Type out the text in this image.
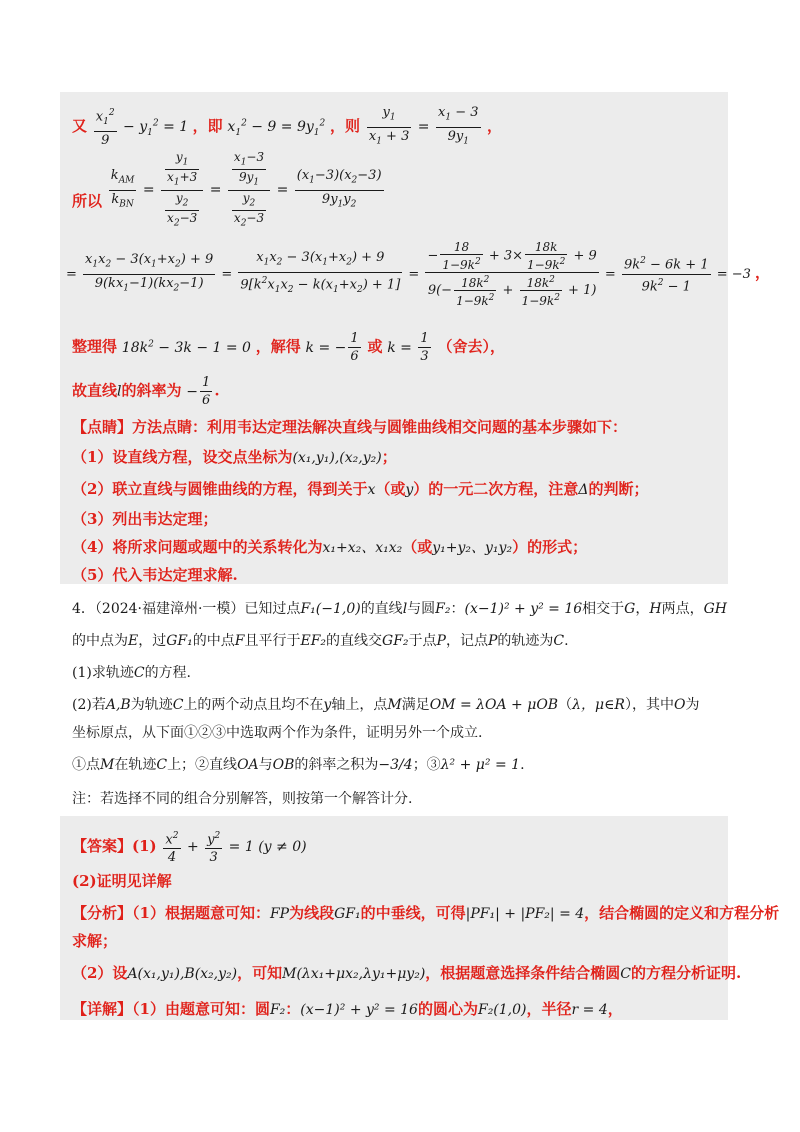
又 $\frac{x_1^2}{9} - y_1^2 = 1$ ，即 $x_1^2 - 9 = 9y_1^2$ ，则 $\frac{y_1}{x_1 + 3} = \frac{x_1 - 3}{9y_1}$ ，
所以 $\frac{k_{AM}}{k_{BN}} = \frac{\frac{y_1}{x_1+3}}{\frac{y_2}{x_2-3}} = \frac{\frac{x_1-3}{9y_1}}{\frac{y_2}{x_2-3}} = \frac{(x_1-3)(x_2-3)}{9y_1y_2}$
= $\frac{x_1x_2 - 3(x_1+x_2) + 9}{9(kx_1-1)(kx_2-1)} = \frac{x_1x_2 - 3(x_1+x_2) + 9}{9[k^2x_1x_2 - k(x_1+x_2) + 1]} = \frac{- \frac{18}{1-9k^2} + 3\times \frac{18k}{1-9k^2} + 9}{9(- \frac{18k^2}{1-9k^2} + \frac{18k^2}{1-9k^2} + 1)} = \frac{9k^2 - 6k + 1}{9k^2 - 1} = -3$ ，
整理得 $18k^2 - 3k - 1 = 0$ ，解得 k = − $\frac{1}{6}$ 或 $k = \frac{1}{3}$ （舍去），
故直线l的斜率为 − $\frac{1}{6}$ .
【点睛】方法点睛：利用韦达定理法解决直线与圆锥曲线相交问题的基本步骤如下：
（1）设直线方程，设交点坐标为(x₁,y₁),(x₂,y₂)；
（2）联立直线与圆锥曲线的方程，得到关于x（或y）的一元二次方程，注意Δ的判断；
（3）列出韦达定理；
（4）将所求问题或题中的关系转化为x₁+x₂、x₁x₂（或y₁+y₂、y₁y₂）的形式；
（5）代入韦达定理求解.
4．（2024·福建漳州·一模）已知过点F₁(−1,0)的直线l与圆F₂：(x−1)² + y² = 16相交于G，H两点，GH
的中点为E，过GF₁的中点F且平行于EF₂的直线交GF₂于点P，记点P的轨迹为C.
(1)求轨迹C的方程.
(2)若A,B为轨迹C上的两个动点且均不在y轴上，点M满足OM = λOA + μOB（λ，μ∈R），其中O为
坐标原点，从下面①②③中选取两个作为条件，证明另外一个成立.
①点M在轨迹C上；②直线OA与OB的斜率之积为−3/4；③λ² + μ² = 1.
注：若选择不同的组合分别解答，则按第一个解答计分.
【答案】$(1) \frac{x^2}{4} + \frac{y^2}{3} = 1$ (y ≠ 0)
(2)证明见详解
【分析】（1）根据题意可知：FP为线段GF₁的中垂线，可得|PF₁| + |PF₂| = 4，结合椭圆的定义和方程分析
求解；
（2）设A(x₁,y₁),B(x₂,y₂)，可知M(λx₁+μx₂,λy₁+μy₂)，根据题意选择条件结合椭圆C的方程分析证明.
【详解】（1）由题意可知：圆F₂：(x−1)² + y² = 16的圆心为F₂(1,0)，半径r = 4，
